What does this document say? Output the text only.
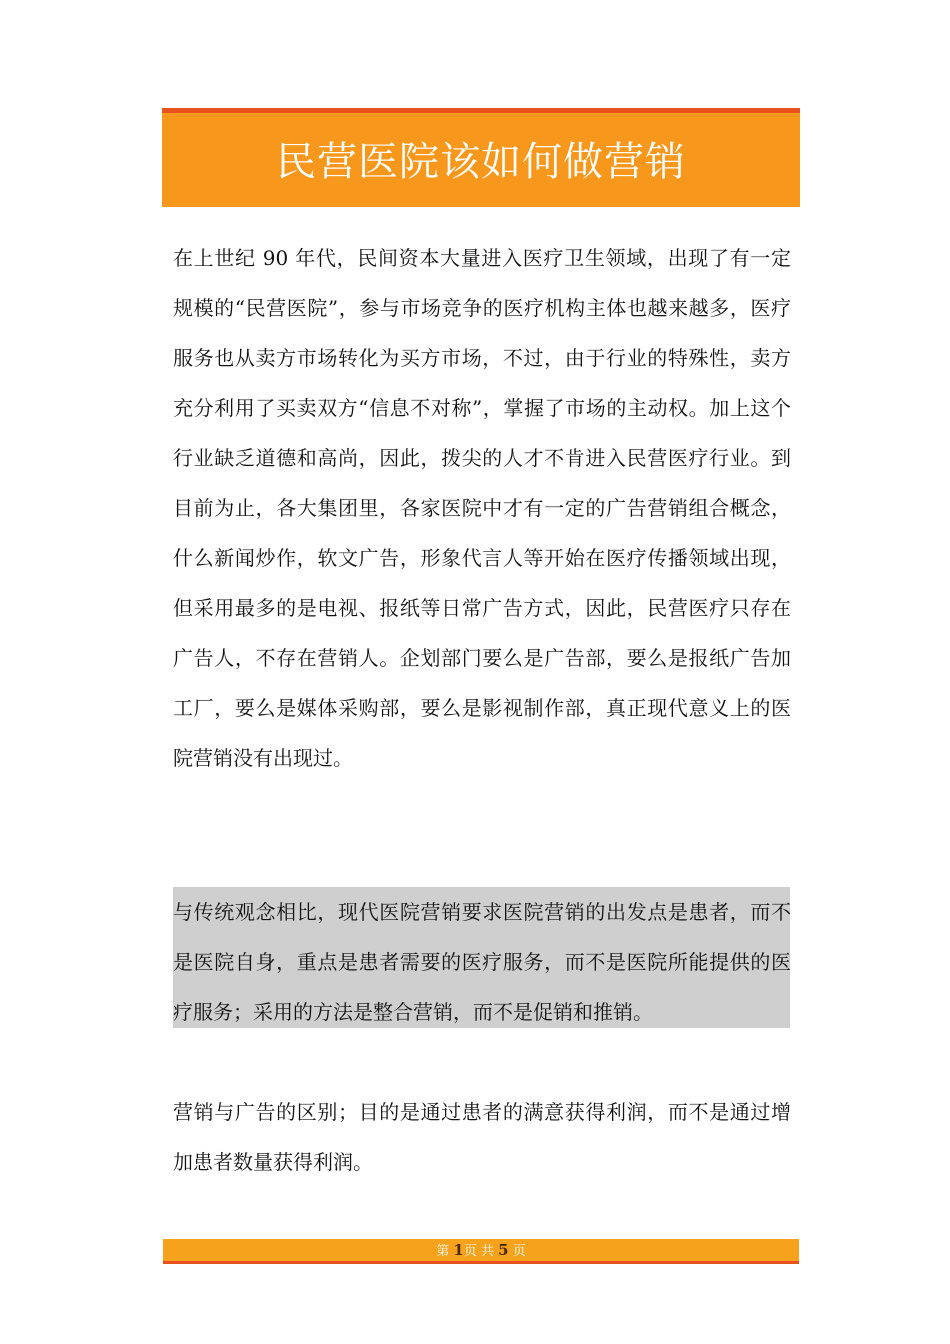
民营医院该如何做营销

在上世纪 90 年代，民间资本大量进入医疗卫生领域，出现了有一定规模的“民营医院”，参与市场竞争的医疗机构主体也越来越多，医疗服务也从卖方市场转化为买方市场，不过，由于行业的特殊性，卖方充分利用了买卖双方“信息不对称”，掌握了市场的主动权。加上这个行业缺乏道德和高尚，因此，拨尖的人才不肯进入民营医疗行业。到目前为止，各大集团里，各家医院中才有一定的广告营销组合概念，什么新闻炒作，软文广告，形象代言人等开始在医疗传播领域出现，但采用最多的是电视、报纸等日常广告方式，因此，民营医疗只存在广告人，不存在营销人。企划部门要么是广告部，要么是报纸广告加工厂，要么是媒体采购部，要么是影视制作部，真正现代意义上的医院营销没有出现过。

与传统观念相比，现代医院营销要求医院营销的出发点是患者，而不是医院自身，重点是患者需要的医疗服务，而不是医院所能提供的医疗服务；采用的方法是整合营销，而不是促销和推销。

营销与广告的区别；目的是通过患者的满意获得利润，而不是通过增加患者数量获得利润。

第 1页 共 5 页
